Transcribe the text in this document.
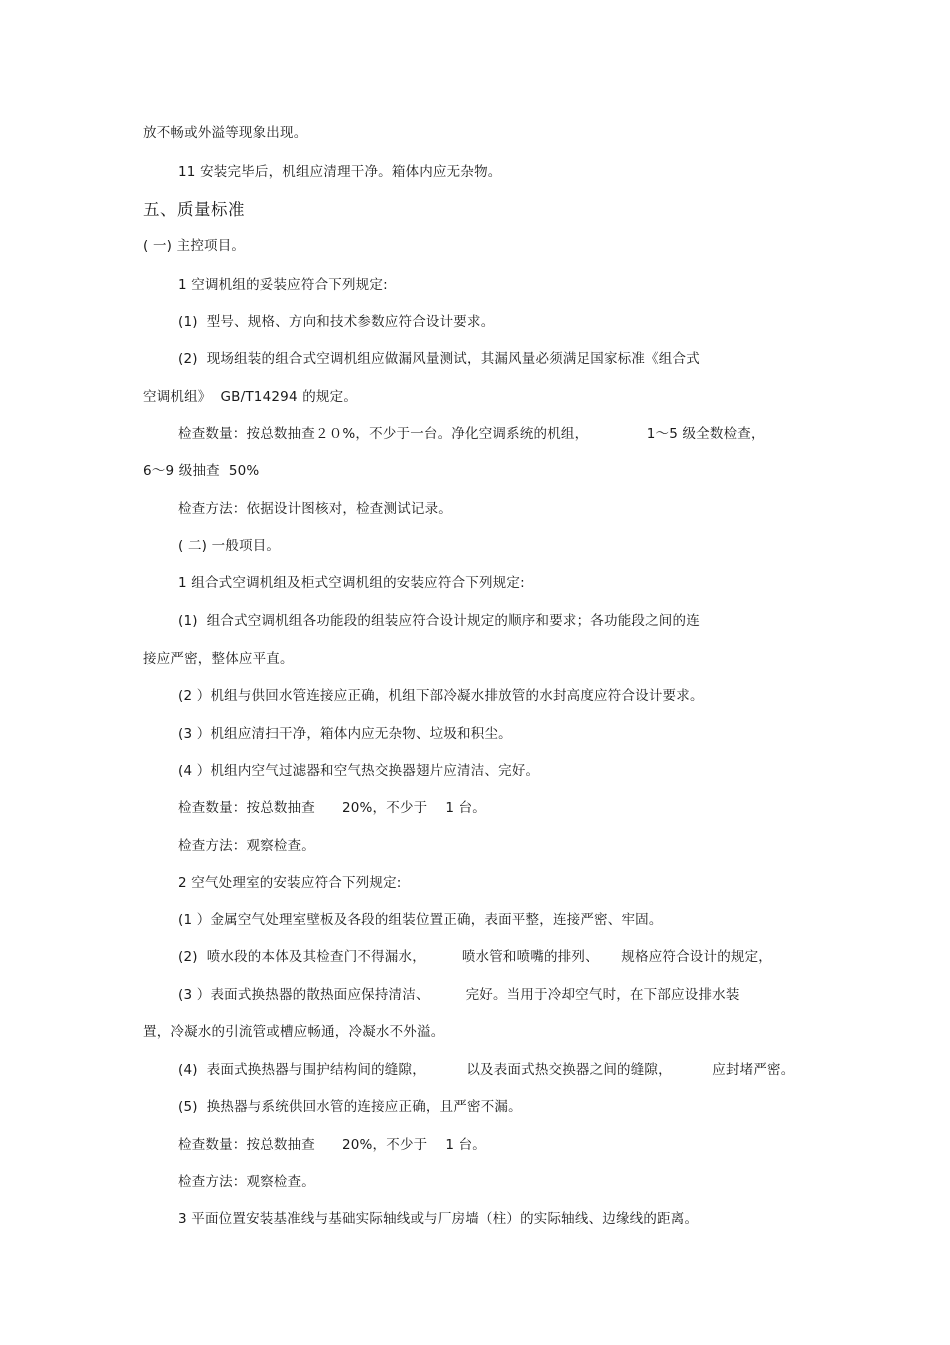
放不畅或外溢等现象出现。
11 安装完毕后，机组应清理干净。箱体内应无杂物。
五、质量标准
( 一) 主控项目。
1 空调机组的妥装应符合下列规定:
(1)  型号、规格、方向和技术参数应符合设计要求。
(2)  现场组装的组合式空调机组应做漏风量测试，其漏风量必须满足国家标准《组合式
空调机组》  GB/T14294 的规定。
检查数量：按总数抽查２０%，不少于一台。净化空调系统的机组，             1～5 级全数检查，
6～9 级抽查  50%
检查方法：依据设计图核对，检查测试记录。
( 二) 一般项目。
1 组合式空调机组及柜式空调机组的安装应符合下列规定:
(1)  组合式空调机组各功能段的组装应符合设计规定的顺序和要求；各功能段之间的连
接应严密，整体应平直。
(2 ）机组与供回水管连接应正确，机组下部冷凝水排放管的水封高度应符合设计要求。
(3 ）机组应清扫干净，箱体内应无杂物、垃圾和积尘。
(4 ）机组内空气过滤器和空气热交换器翅片应清洁、完好。
检查数量：按总数抽查      20%，不少于    1 台。
检查方法：观察检查。
2 空气处理室的安装应符合下列规定:
(1 ）金属空气处理室壁板及各段的组装位置正确，表面平整，连接严密、牢固。
(2)  喷水段的本体及其检查门不得漏水，        喷水管和喷嘴的排列、     规格应符合设计的规定，
(3 ）表面式换热器的散热面应保持清洁、        完好。当用于冷却空气时，在下部应设排水装
置，冷凝水的引流管或槽应畅通，冷凝水不外溢。
(4)  表面式换热器与围护结构间的缝隙，         以及表面式热交换器之间的缝隙，         应封堵严密。
(5)  换热器与系统供回水管的连接应正确，且严密不漏。
检查数量：按总数抽查      20%，不少于    1 台。
检查方法：观察检查。
3 平面位置安装基准线与基础实际轴线或与厂房墙（柱）的实际轴线、边缘线的距离。
